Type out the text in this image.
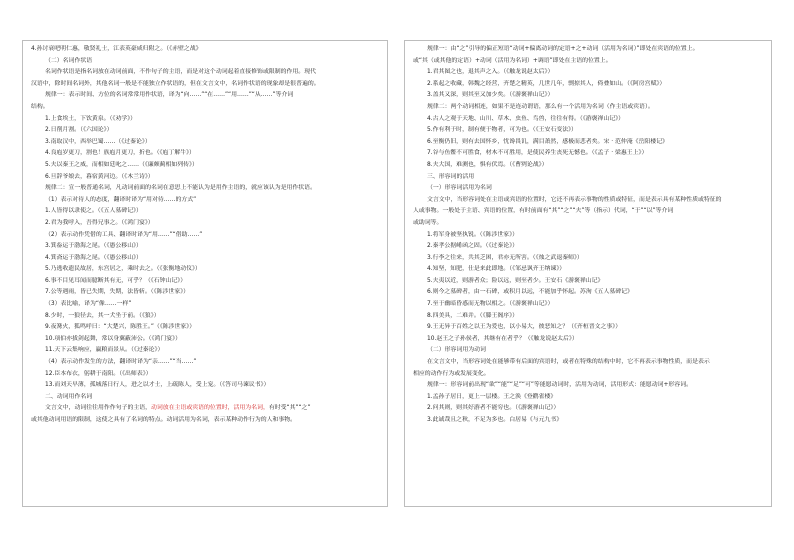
4.孙讨衰吧明仁惠，敬贤礼士，江表英豪咸归附之。（《赤壁之战》
（二）名词作状语
名词作状语是指名词放在动词前面，不作句子的主语，而是对这个动词起着直接修饰或限制的作用。现代
汉语中，除时间名词外，其他名词一般是不能独立作状语的，但在文言文中，名词作状语的现象却是很普遍的。
规律一：表示时间、方位的名词常常用作状语，译为“向……”“在……”“用……”“从……”等介词
结构。
1.上食埃土，下饮黄泉。（《劝学》）
2.日削月割。（《六国论》）
3.南取汉中，西举巴蜀……（《过秦论》）
4.良庖岁更刀，割也！族庖月更刀，折也。（《庖丁解牛》）
5.夫以秦王之威，而相如廷叱之……（《廉颇蔺相如列传》）
6.旦辞爷娘去，暮宿黄河边。（《木兰诗》）
规律二：宣一般普通名词，凡动词前面的名词在意思上不能认为是用作主语的，就应该认为是用作状语。
（1）表示对待人的态度，翻译时译为“用对待……的方式”
1.人皆得以隶使之。（《五人墓碑记》）
2.君为我呼入，吾得兄事之。（《鸿门宴》）
（2）表示动作凭借的工具、翻译时译为“用……”“借助……”
3.箕畚运于渤海之尾。（《愚公移山》）
4.箕斋运于渤海之尾。（《愚公移山》）
5.乃逃收遗民故居，东宫居之，乘时去之。（《张衡地动仪》）
6.事不目见耳闻而臆断其有无，可乎？（《石钟山记》）
7.公等遇雨，皆已失期，失期，法皆斩。（《陈涉世家》）
（3）表比喻，译为“像……一样”
8.少时，一狼径去，其一犬坐于前。（《狼》）
9.夜篝火，狐鸣呼曰：“大楚兴，陈胜王。”（《陈涉世家》）
10.项伯亦拔剑起舞，常以身翼蔽沛公。（《鸿门宴》）
11.天下云集响应，赢粮而景从。（《过秦论》）
（4）表示动作发生的方法，翻译时译为“亲……”“当……”
12.臣本布衣，躬耕于南阳。（《出师表》）
13.而刘天早薄，孤城落日行人，进之以才士，上疏陈人，受上宠。（《答司马谏议书》）
二、动词用作名词
文言文中，动词往往用作作句子的主语，动词放在主语或宾语的位置时，活用为名词，有时受“其”“之”
或其他动词用语的限制，这使之具有了名词的特点。动词活用为名词，表示某种动作行为的人和事物。
规律一：由“之”引导的偏正短语“动词+偏离动词的定语+之+动词（活用为名词）”即处在宾语的位置上。
或“其（或其他的定语）+动词（活用为名词）+调语”即处在主语的位置上。
1.君其图之也，退其声之入。（《触龙说赵太后》）
2.系起之收藏，韩魏之经营，齐楚之精英，几世几年，剽掠其人，倚叠如山。（《阿房宫赋》）
3.盖其又深，则其至又加少矣。（《游褒禅山记》）
规律二：两个动词相连，如果不是连动谓语，那么有一个活用为名词（作主语或宾语）。
4.古人之观于天地、山川、草木、虫鱼、鸟兽，往往有得。（《游褒禅山记》）
5.作有利于时，制有便于物者，可为也。（《王安石变法》）
6.至衡仍旧，则有去国怀乡，忧谗畏讥，满目萧然，感极而悲者矣。宋 · 范仲淹《岳阳楼记》
7.谷与鱼鳖不可胜食，材木不可胜用，是使民养生丧死无憾也。（《孟子 · 梁惠王上》）
8.夫大国，难测也，惧有伏焉。（《曹刿论战》）
三、形容词的活用
（一）形容词活用为名词
文言文中，当形容词处在主语或宾语的位置时，它还不再表示事物的性质或特征，而是表示具有某种性质或特征的
人或事物。一般处于主语、宾语的位置，有时前面有“其”“之”“夫”等（指示）代词，“于”“以”等介词
或助词等。
1.将军身被坚执锐。（《陈涉世家》）
2.秦孝公据崤函之固。（《过秦论》）
3.行李之往来，共其乏困，君亦无所害。（《烛之武退秦师》）
4.知坚，知肥，仕是来此即地。（《邹忌讽齐王纳谏》）
5.夫夷以近，则游者众；险以远，则至者少。王安石《游褒禅山记》
6.则今之墓碑者，由一石碑，或积月以远，不能加乎怀起。苏洵《五人墓碑记》
7.至于幽暗昏惑而无物以相之。（《游褒禅山记》）
8.四美具，二难并。（《滕王阁序》）
9.王无异于百姓之以王为爱也，以小易大，彼恶知之？（《齐桓晋文之事》）
10.赵王之子孙侯者，其继有在者乎？（《触龙说赵太后》）
（二）形容词用为动词
在文言文中，当形容词处在能够带有后面的宾语时，或者在特殊的结构中时，它不再表示事物性质，而是表示
相应的动作行为或发展变化。
规律一：形容词前出现“欲”“能”“足”“可”等能愿动词时，活用为动词，活用形式：能愿动词+形容词。
1.孟孙子居日，更上一层楼。王之涣《登鹳雀楼》
2.问其则，则其好游者不能穷也。（《游褒禅山记》）
3.此诚哉且之秋，不足为多也。白居易《与元九书》
